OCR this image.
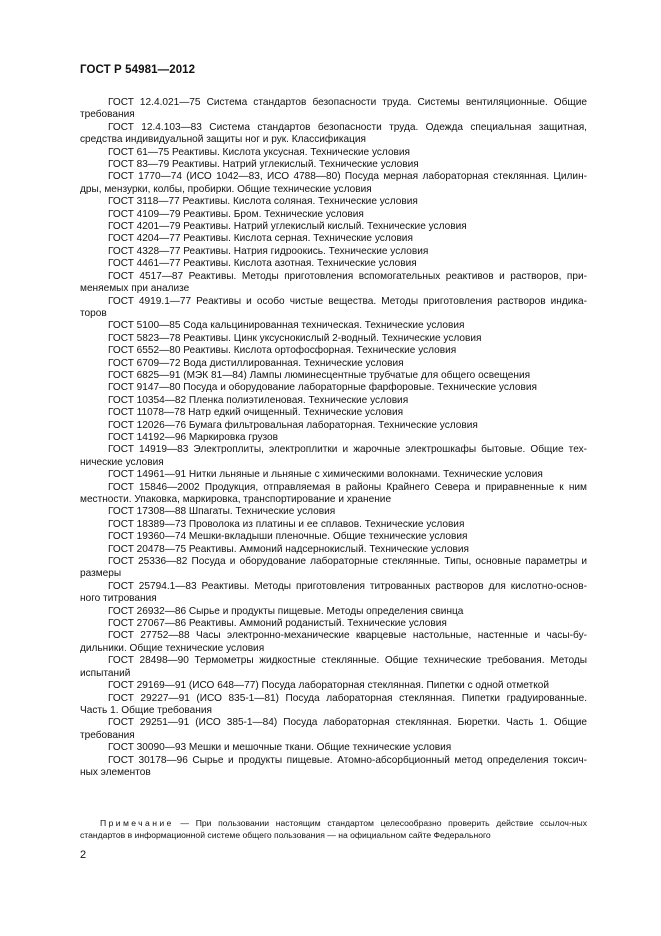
ГОСТ Р 54981—2012
ГОСТ 12.4.021—75 Система стандартов безопасности труда. Системы вентиляционные. Общие
требования
ГОСТ 12.4.103—83 Система стандартов безопасности труда. Одежда специальная защитная,
средства индивидуальной защиты ног и рук. Классификация
ГОСТ 61—75 Реактивы. Кислота уксусная. Технические условия
ГОСТ 83—79 Реактивы. Натрий углекислый. Технические условия
ГОСТ 1770—74 (ИСО 1042—83, ИСО 4788—80) Посуда мерная лабораторная стеклянная. Цилин-
дры, мензурки, колбы, пробирки. Общие технические условия
ГОСТ 3118—77 Реактивы. Кислота соляная. Технические условия
ГОСТ 4109—79 Реактивы. Бром. Технические условия
ГОСТ 4201—79 Реактивы. Натрий углекислый кислый. Технические условия
ГОСТ 4204—77 Реактивы. Кислота серная. Технические условия
ГОСТ 4328—77 Реактивы. Натрия гидроокись. Технические условия
ГОСТ 4461—77 Реактивы. Кислота азотная. Технические условия
ГОСТ 4517—87 Реактивы. Методы приготовления вспомогательных реактивов и растворов, при-
меняемых при анализе
ГОСТ 4919.1—77 Реактивы и особо чистые вещества. Методы приготовления растворов индика-
торов
ГОСТ 5100—85 Сода кальцинированная техническая. Технические условия
ГОСТ 5823—78 Реактивы. Цинк уксуснокислый 2-водный. Технические условия
ГОСТ 6552—80 Реактивы. Кислота ортофосфорная. Технические условия
ГОСТ 6709—72 Вода дистиллированная. Технические условия
ГОСТ 6825—91 (МЭК 81—84) Лампы люминесцентные трубчатые для общего освещения
ГОСТ 9147—80 Посуда и оборудование лабораторные фарфоровые. Технические условия
ГОСТ 10354—82 Пленка полиэтиленовая. Технические условия
ГОСТ 11078—78 Натр едкий очищенный. Технические условия
ГОСТ 12026—76 Бумага фильтровальная лабораторная. Технические условия
ГОСТ 14192—96 Маркировка грузов
ГОСТ 14919—83 Электроплиты, электроплитки и жарочные электрошкафы бытовые. Общие тех-
нические условия
ГОСТ 14961—91 Нитки льняные и льняные с химическими волокнами. Технические условия
ГОСТ 15846—2002 Продукция, отправляемая в районы Крайнего Севера и приравненные к ним
местности. Упаковка, маркировка, транспортирование и хранение
ГОСТ 17308—88 Шпагаты. Технические условия
ГОСТ 18389—73 Проволока из платины и ее сплавов. Технические условия
ГОСТ 19360—74 Мешки-вкладыши пленочные. Общие технические условия
ГОСТ 20478—75 Реактивы. Аммоний надсернокислый. Технические условия
ГОСТ 25336—82 Посуда и оборудование лабораторные стеклянные. Типы, основные параметры и
размеры
ГОСТ 25794.1—83 Реактивы. Методы приготовления титрованных растворов для кислотно-основ-
ного титрования
ГОСТ 26932—86 Сырье и продукты пищевые. Методы определения свинца
ГОСТ 27067—86 Реактивы. Аммоний роданистый. Технические условия
ГОСТ 27752—88 Часы электронно-механические кварцевые настольные, настенные и часы-бу-
дильники. Общие технические условия
ГОСТ 28498—90 Термометры жидкостные стеклянные. Общие технические требования. Методы
испытаний
ГОСТ 29169—91 (ИСО 648—77) Посуда лабораторная стеклянная. Пипетки с одной отметкой
ГОСТ 29227—91 (ИСО 835-1—81) Посуда лабораторная стеклянная. Пипетки градуированные.
Часть 1. Общие требования
ГОСТ 29251—91 (ИСО 385-1—84) Посуда лабораторная стеклянная. Бюретки. Часть 1. Общие
требования
ГОСТ 30090—93 Мешки и мешочные ткани. Общие технические условия
ГОСТ 30178—96 Сырье и продукты пищевые. Атомно-абсорбционный метод определения токсич-
ных элементов
Примечание — При пользовании настоящим стандартом целесообразно проверить действие ссылоч-ных стандартов в информационной системе общего пользования — на официальном сайте Федерального
2
